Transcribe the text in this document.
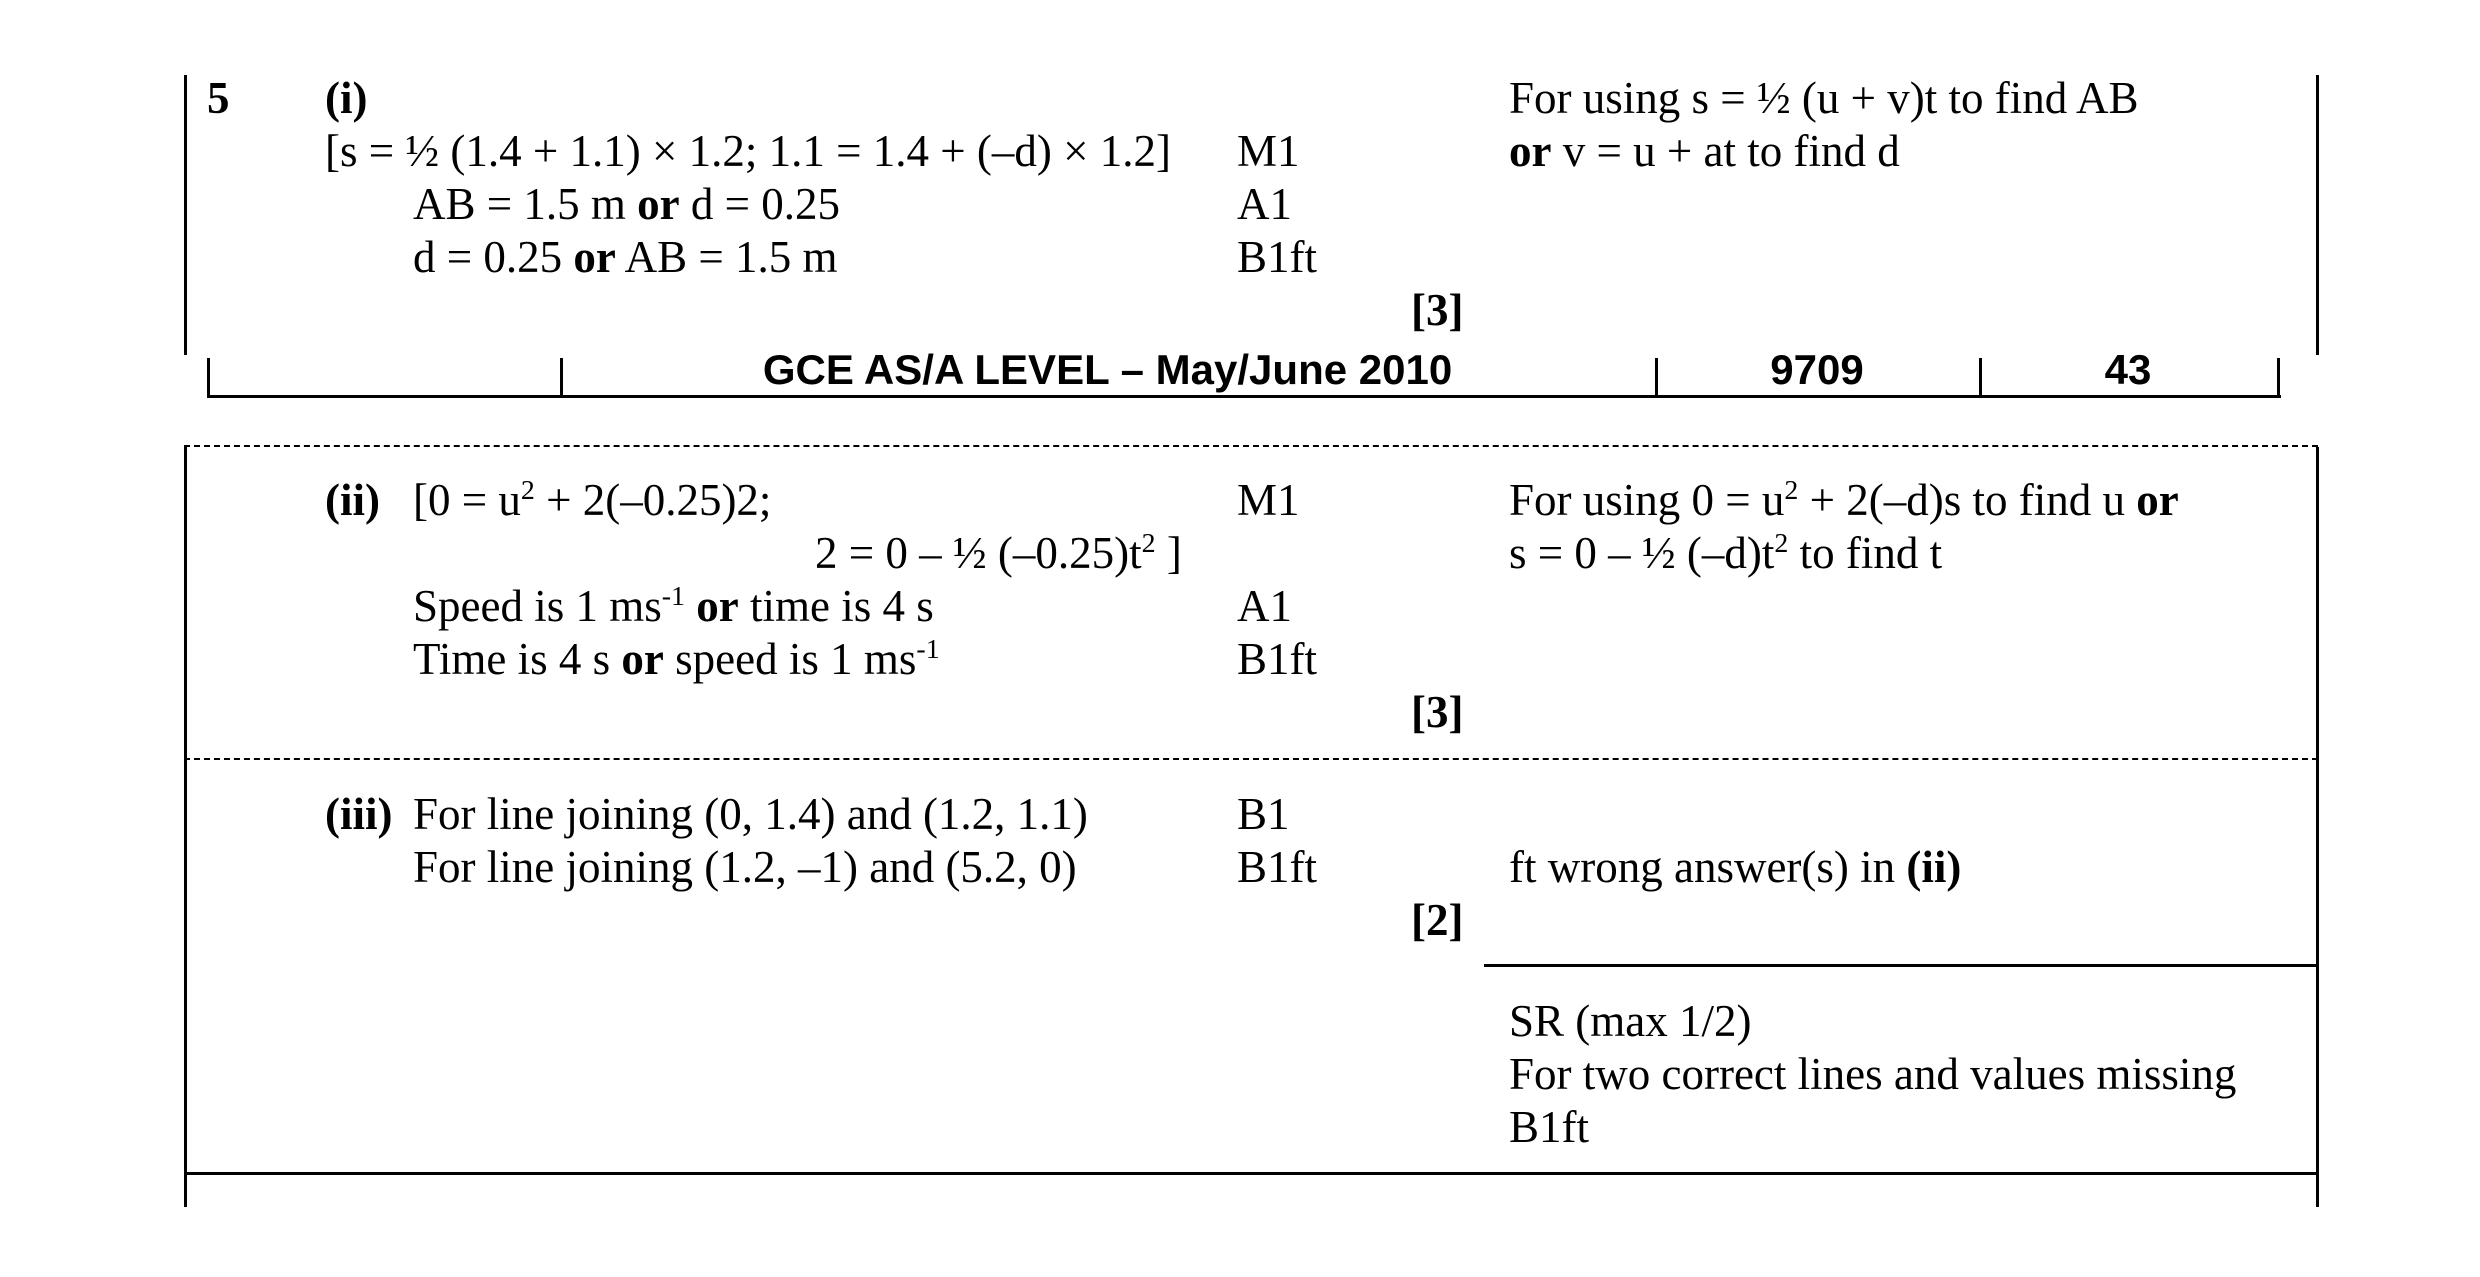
GCE AS/A LEVEL – May/June 2010	9709	43
5 (i)
[s = ½ (1.4 + 1.1) × 1.2; 1.1 = 1.4 + (–d) × 1.2]
AB = 1.5 m or d = 0.25
d = 0.25 or AB = 1.5 m
M1
A1
B1ft
[3]
For using s = ½ (u + v)t to find AB
or v = u + at to find d
(ii) [$0 = u^2 + 2(-0.25)2$;
2 = 0 – ½ $(-0.25)t^2$ ]
Speed is 1 $ms^{-1}$ or time is 4 s
Time is 4 s or speed is 1 $ms^{-1}$
M1
A1
B1ft
[3]
For using $0 = u^2 + 2(-d)s$ to find u or
s = 0 – ½ $(-d)t^2$ to find t
(iii) For line joining (0, 1.4) and (1.2, 1.1)
For line joining (1.2, –1) and (5.2, 0)
B1
B1ft
[2]
ft wrong answer(s) in (ii)
SR (max 1/2)
For two correct lines and values missing
B1ft
